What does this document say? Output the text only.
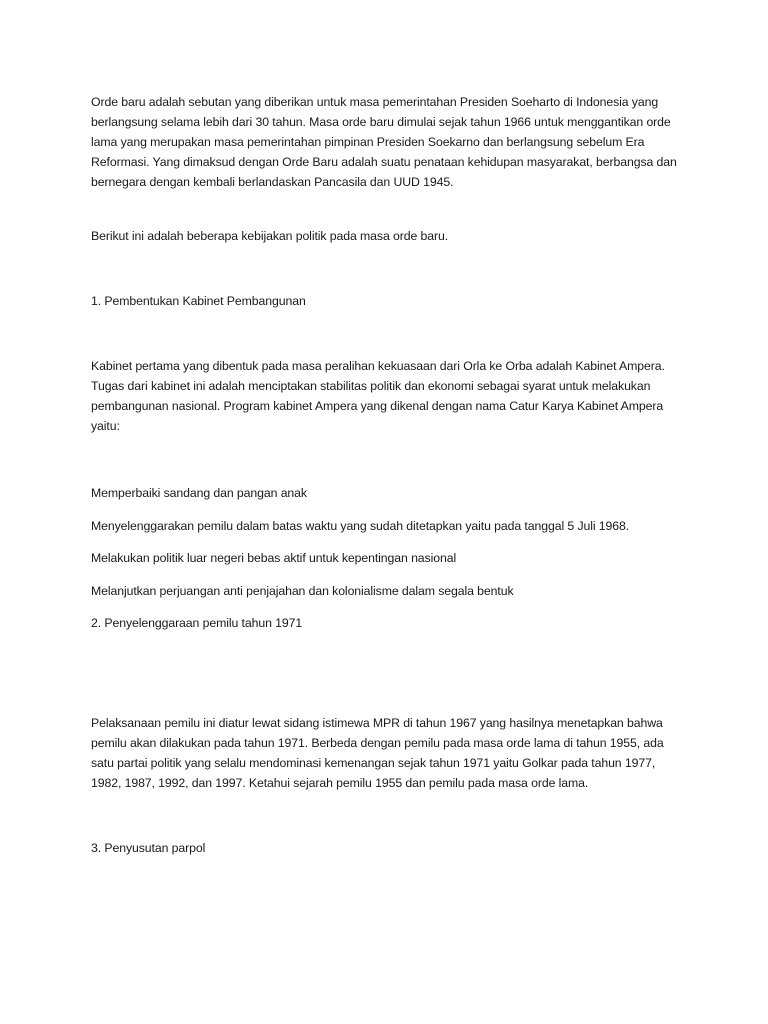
Orde baru adalah sebutan yang diberikan untuk masa pemerintahan Presiden Soeharto di Indonesia yang berlangsung selama lebih dari 30 tahun. Masa orde baru dimulai sejak tahun 1966 untuk menggantikan orde lama yang merupakan masa pemerintahan pimpinan Presiden Soekarno dan berlangsung sebelum Era Reformasi. Yang dimaksud dengan Orde Baru adalah suatu penataan kehidupan masyarakat, berbangsa dan bernegara dengan kembali berlandaskan Pancasila dan UUD 1945.

Berikut ini adalah beberapa kebijakan politik pada masa orde baru.

1. Pembentukan Kabinet Pembangunan

Kabinet pertama yang dibentuk pada masa peralihan kekuasaan dari Orla ke Orba adalah Kabinet Ampera. Tugas dari kabinet ini adalah menciptakan stabilitas politik dan ekonomi sebagai syarat untuk melakukan pembangunan nasional. Program kabinet Ampera yang dikenal dengan nama Catur Karya Kabinet Ampera yaitu:

Memperbaiki sandang dan pangan anak

Menyelenggarakan pemilu dalam batas waktu yang sudah ditetapkan yaitu pada tanggal 5 Juli 1968.

Melakukan politik luar negeri bebas aktif untuk kepentingan nasional

Melanjutkan perjuangan anti penjajahan dan kolonialisme dalam segala bentuk

2. Penyelenggaraan pemilu tahun 1971

Pelaksanaan pemilu ini diatur lewat sidang istimewa MPR di tahun 1967 yang hasilnya menetapkan bahwa pemilu akan dilakukan pada tahun 1971. Berbeda dengan pemilu pada masa orde lama di tahun 1955, ada satu partai politik yang selalu mendominasi kemenangan sejak tahun 1971 yaitu Golkar pada tahun 1977, 1982, 1987, 1992, dan 1997. Ketahui sejarah pemilu 1955 dan pemilu pada masa orde lama.

3. Penyusutan parpol
